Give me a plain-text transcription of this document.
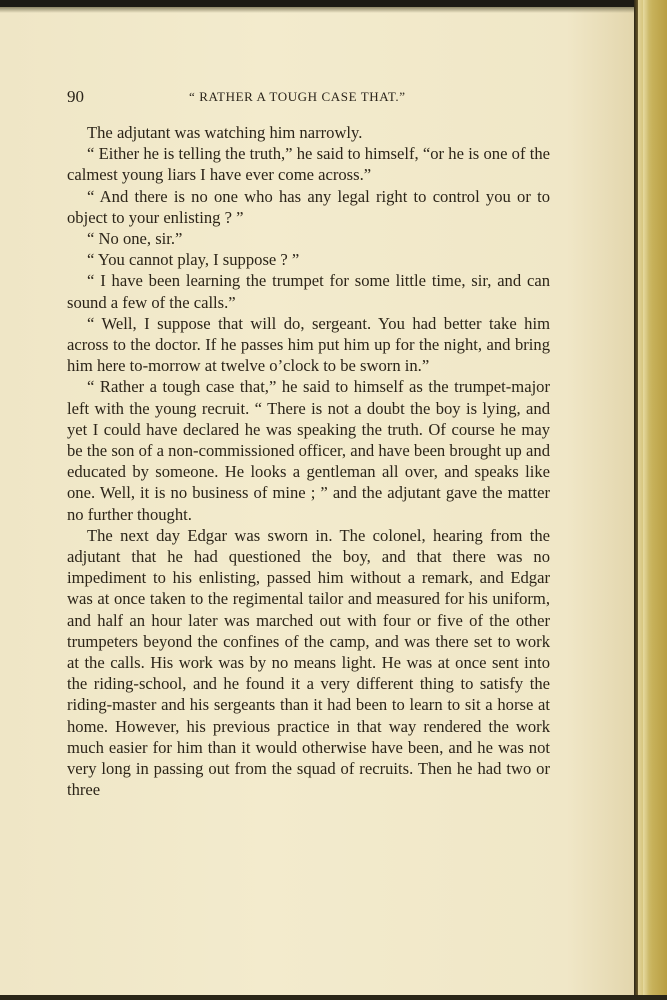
90	“ RATHER A TOUGH CASE THAT.”

The adjutant was watching him narrowly.

“ Either he is telling the truth,” he said to himself, “or he is one of the calmest young liars I have ever come across.”

“ And there is no one who has any legal right to control you or to object to your enlisting ? ”

“ No one, sir.”

“ You cannot play, I suppose ? ”

“ I have been learning the trumpet for some little time, sir, and can sound a few of the calls.”

“ Well, I suppose that will do, sergeant. You had better take him across to the doctor. If he passes him put him up for the night, and bring him here to-morrow at twelve o’clock to be sworn in.”

“ Rather a tough case that,” he said to himself as the trumpet-major left with the young recruit. “ There is not a doubt the boy is lying, and yet I could have declared he was speaking the truth. Of course he may be the son of a non-commissioned officer, and have been brought up and educated by someone. He looks a gentleman all over, and speaks like one. Well, it is no business of mine ; ” and the adjutant gave the matter no further thought.

The next day Edgar was sworn in. The colonel, hearing from the adjutant that he had questioned the boy, and that there was no impediment to his enlisting, passed him without a remark, and Edgar was at once taken to the regimental tailor and measured for his uniform, and half an hour later was marched out with four or five of the other trumpeters beyond the confines of the camp, and was there set to work at the calls. His work was by no means light. He was at once sent into the riding-school, and he found it a very different thing to satisfy the riding-master and his sergeants than it had been to learn to sit a horse at home. However, his previous practice in that way rendered the work much easier for him than it would otherwise have been, and he was not very long in passing out from the squad of recruits. Then he had two or three
